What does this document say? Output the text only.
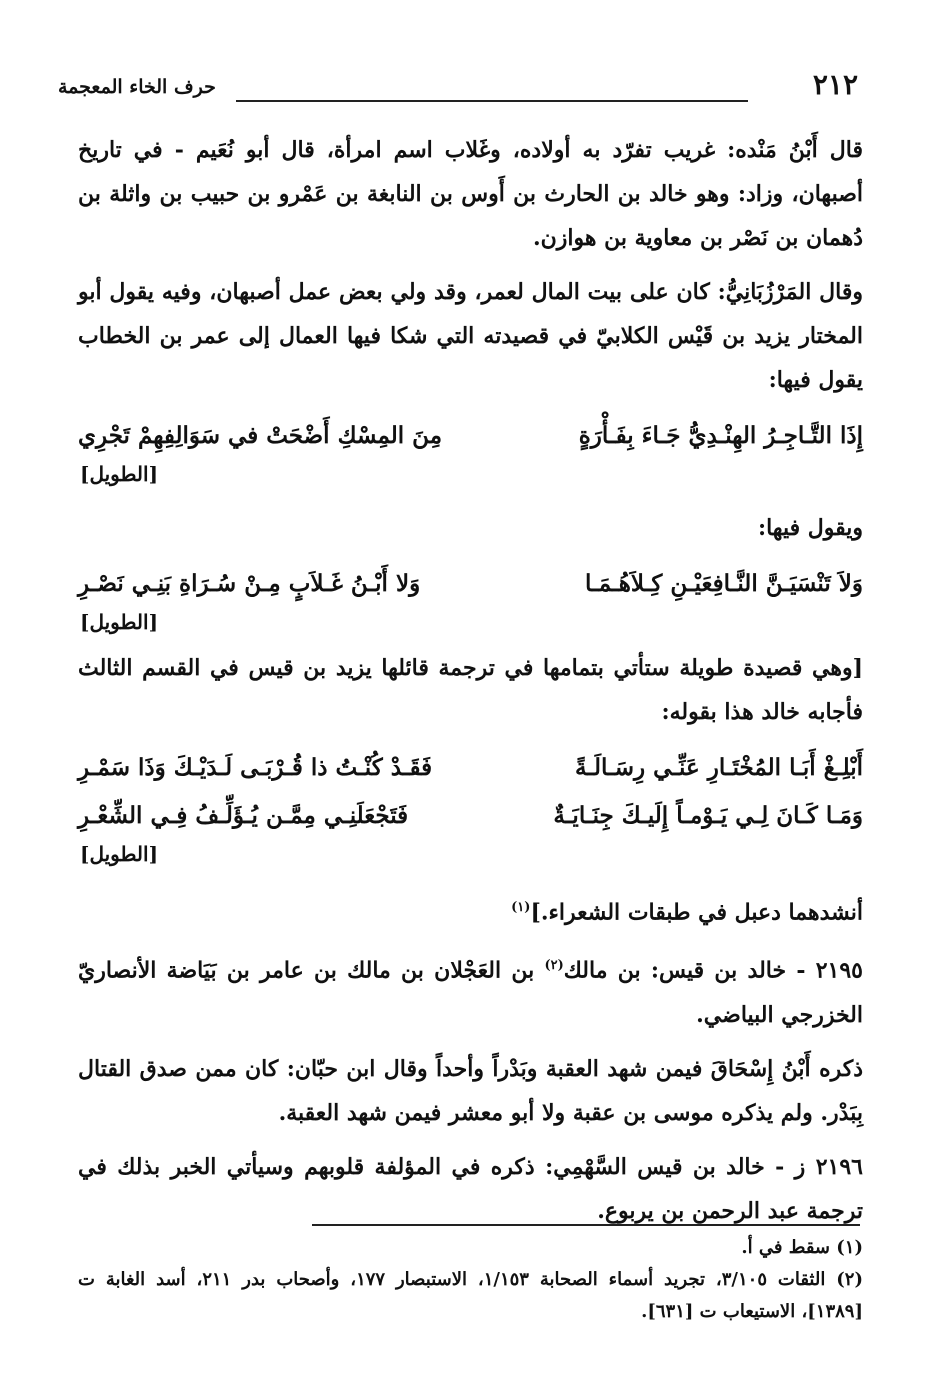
٢١٢
حرف الخاء المعجمة

قال أَبْنُ مَنْده: غريب تفرّد به أولاده، وغَلاب اسم امرأة، قال أبو نُعَيم - في تاريخ أصبهان، وزاد: وهو خالد بن الحارث بن أَوس بن النابغة بن عَمْرو بن حبيب بن واثلة بن دُهمان بن نَصْر بن معاوية بن هوازن.

وقال المَرْزُبَانِيُّ: كان على بيت المال لعمر، وقد ولي بعض عمل أصبهان، وفيه يقول أبو المختار يزيد بن قَيْس الكلابيّ في قصيدته التي شكا فيها العمال إلى عمر بن الخطاب يقول فيها:

إِذَا التَّـاجِـرُ الهِنْـدِيُّ جَـاءَ بِفَـأْرَةٍ
مِنَ المِسْكِ أَضْحَتْ في سَوَالِفِهِمْ تَجْرِي
[الطويل]

ويقول فيها:

وَلاَ تَنْسَيَـنَّ النَّـافِعَيْـنِ كِـلاَهُـمَـا
وَلا أَبْـنُ غَـلاَبٍ مِـنْ سُـرَاةِ بَنِـي نَصْـرِ
[الطويل]

[وهي قصيدة طويلة ستأتي بتمامها في ترجمة قائلها يزيد بن قيس في القسم الثالث فأجابه خالد هذا بقوله:

أَبْلِـغْ أَبَـا المُخْتَـارِ عَنِّـي رِسَـالَـةً
فَقَـدْ كُنْـتُ ذا قُـرْبَـى لَـدَيْـكَ وَذَا سَمْـرِ
وَمَـا كَـانَ لِـي يَـوْمـاً إِلَيـكَ جِنَـايَـةٌ
فَتَجْعَلَنِـي مِمَّـن يُـؤَلِّـفُ فِـي الشِّعْـرِ
[الطويل]

أنشدهما دعبل في طبقات الشعراء.]$^{(١)}$

٢١٩٥ - خالد بن قيس: بن مالك$^{(٢)}$ بن العَجْلان بن مالك بن عامر بن بَيَاضة الأنصاريّ الخزرجي البياضي.

ذكره أَبْنُ إِسْحَاقَ فيمن شهد العقبة وبَدْراً وأحداً وقال ابن حبّان: كان ممن صدق القتال بِبَدْر. ولم يذكره موسى بن عقبة ولا أبو معشر فيمن شهد العقبة.

٢١٩٦ ز - خالد بن قيس السَّهْمِي: ذكره في المؤلفة قلوبهم وسيأتي الخبر بذلك في ترجمة عبد الرحمن بن يربوع.

(١) سقط في أ.

(٢) الثقات ٣/١٠٥، تجريد أسماء الصحابة ١/١٥٣، الاستبصار ١٧٧، وأصحاب بدر ٢١١، أسد الغابة ت [١٣٨٩]، الاستيعاب ت [٦٣١].
